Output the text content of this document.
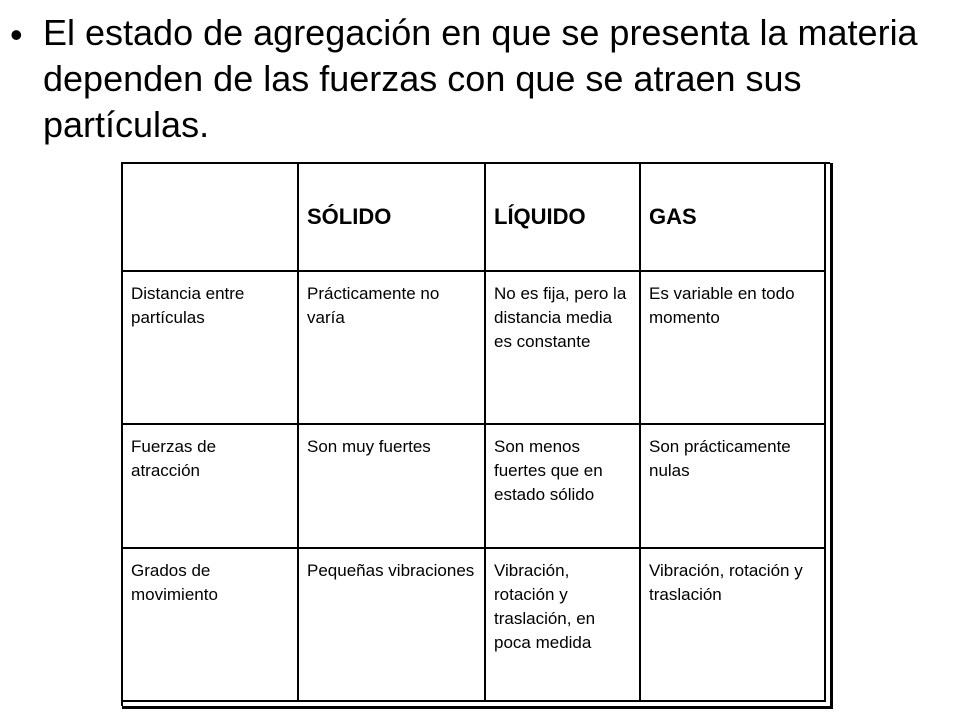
• El estado de agregación en que se presenta la materia dependen de las fuerzas con que se atraen sus partículas.
	SÓLIDO	LÍQUIDO	GAS
Distancia entre partículas	Prácticamente no varía	No es fija, pero la distancia media es constante	Es variable en todo momento
Fuerzas de atracción	Son muy fuertes	Son menos fuertes que en estado sólido	Son prácticamente nulas
Grados de movimiento	Pequeñas vibraciones	Vibración, rotación y traslación, en poca medida	Vibración, rotación y traslación
